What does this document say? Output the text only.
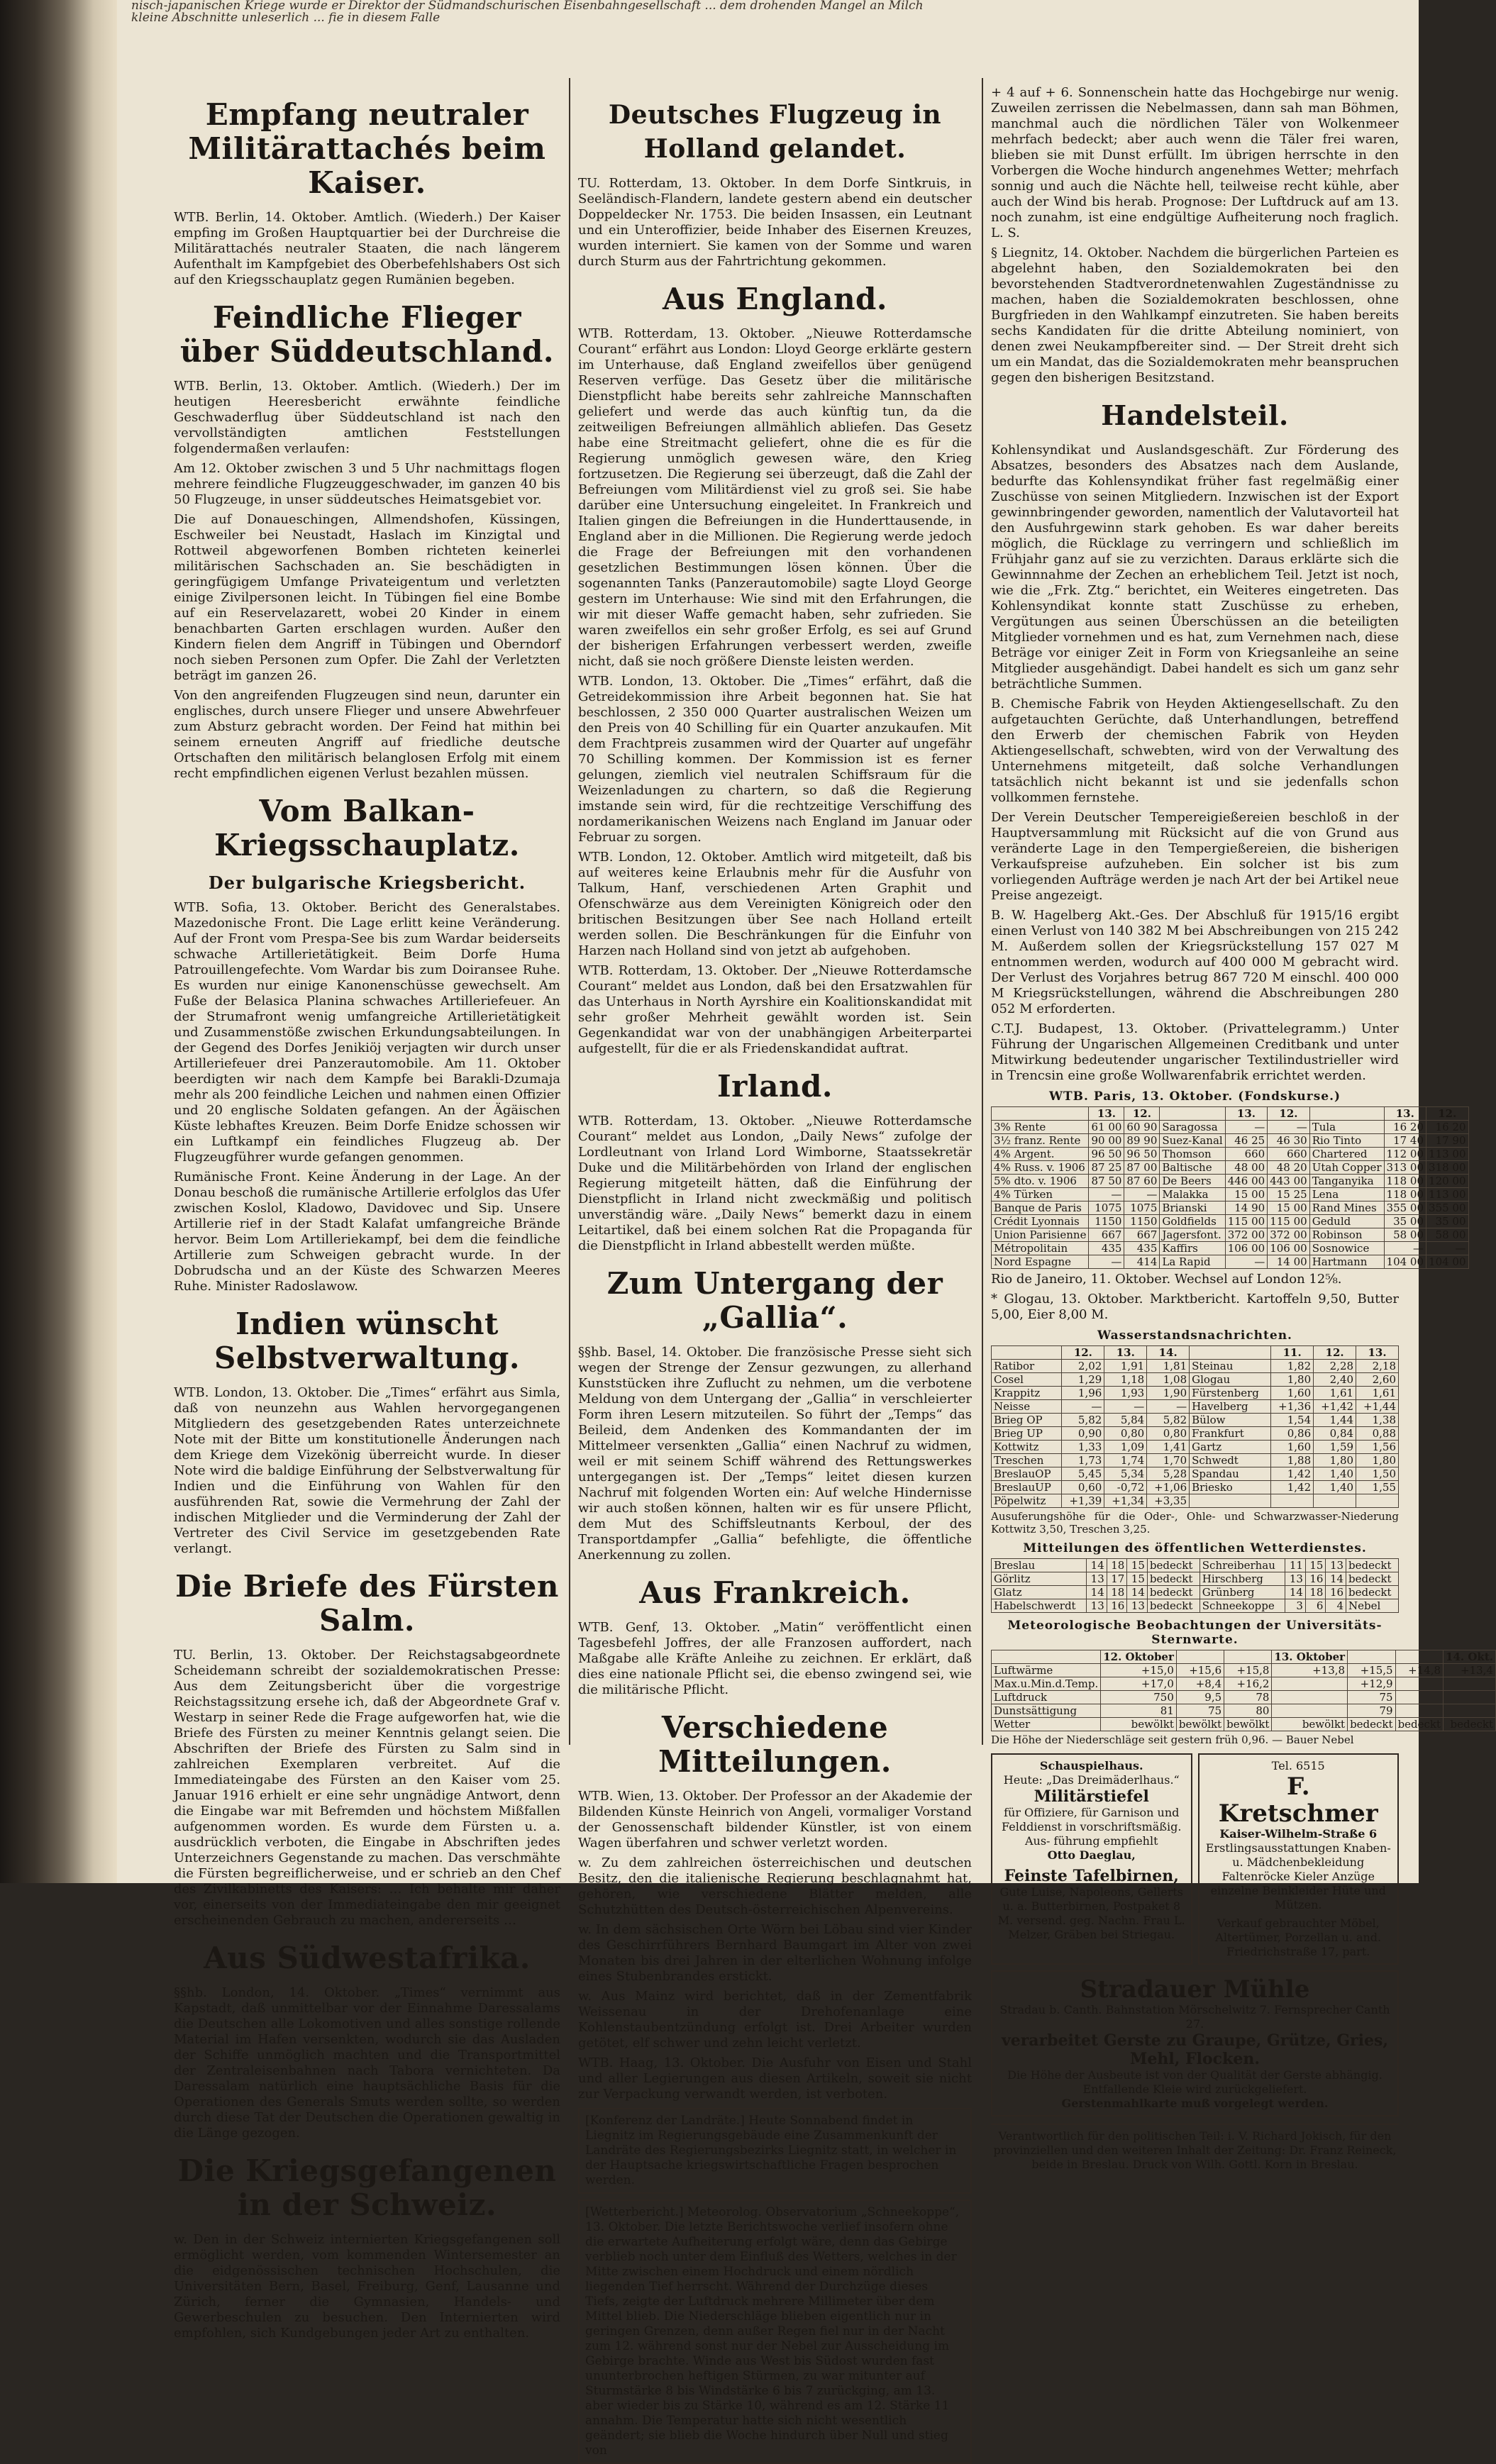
nisch-japanischen Kriege wurde er Direktor der Südmandschurischen Eisenbahngesellschaft ... dem drohenden Mangel an Milch
kleine Abschnitte unleserlich ... fie in diesem Falle
Empfang neutraler Militärattachés beim Kaiser.

WTB. Berlin, 14. Oktober. Amtlich. (Wiederh.) Der Kaiser empfing im Großen Hauptquartier bei der Durchreise die Militärattachés neutraler Staaten, die nach längerem Aufenthalt im Kampfgebiet des Oberbefehlshabers Ost sich auf den Kriegsschauplatz gegen Rumänien begeben.

Feindliche Flieger über Süddeutschland.

WTB. Berlin, 13. Oktober. Amtlich. (Wiederh.) Der im heutigen Heeresbericht erwähnte feindliche Geschwaderflug über Süddeutschland ist nach den vervollständigten amtlichen Feststellungen folgendermaßen verlaufen:

Am 12. Oktober zwischen 3 und 5 Uhr nachmittags flogen mehrere feindliche Flugzeuggeschwader, im ganzen 40 bis 50 Flugzeuge, in unser süddeutsches Heimatsgebiet vor.

Die auf Donaueschingen, Allmendshofen, Küssingen, Eschweiler bei Neustadt, Haslach im Kinzigtal und Rottweil abgeworfenen Bomben richteten keinerlei militärischen Sachschaden an. Sie beschädigten in geringfügigem Umfange Privateigentum und verletzten einige Zivilpersonen leicht. In Tübingen fiel eine Bombe auf ein Reservelazarett, wobei 20 Kinder in einem benachbarten Garten erschlagen wurden. Außer den Kindern fielen dem Angriff in Tübingen und Oberndorf noch sieben Personen zum Opfer. Die Zahl der Verletzten beträgt im ganzen 26.

Von den angreifenden Flugzeugen sind neun, darunter ein englisches, durch unsere Flieger und unsere Abwehrfeuer zum Absturz gebracht worden. Der Feind hat mithin bei seinem erneuten Angriff auf friedliche deutsche Ortschaften den militärisch belanglosen Erfolg mit einem recht empfindlichen eigenen Verlust bezahlen müssen.

Vom Balkan-Kriegsschauplatz.
Der bulgarische Kriegsbericht.

WTB. Sofia, 13. Oktober. Bericht des Generalstabes. Mazedonische Front. Die Lage erlitt keine Veränderung. Auf der Front vom Prespa-See bis zum Wardar beiderseits schwache Artillerietätigkeit. Beim Dorfe Huma Patrouillengefechte. Vom Wardar bis zum Doiransee Ruhe. Es wurden nur einige Kanonenschüsse gewechselt. Am Fuße der Belasica Planina schwaches Artilleriefeuer. An der Strumafront wenig umfangreiche Artillerietätigkeit und Zusammenstöße zwischen Erkundungsabteilungen. In der Gegend des Dorfes Jenikiöj verjagten wir durch unser Artilleriefeuer drei Panzerautomobile. Am 11. Oktober beerdigten wir nach dem Kampfe bei Barakli-Dzumaja mehr als 200 feindliche Leichen und nahmen einen Offizier und 20 englische Soldaten gefangen. An der Ägäischen Küste lebhaftes Kreuzen. Beim Dorfe Enidze schossen wir ein Luftkampf ein feindliches Flugzeug ab. Der Flugzeugführer wurde gefangen genommen.

Rumänische Front. Keine Änderung in der Lage. An der Donau beschoß die rumänische Artillerie erfolglos das Ufer zwischen Koslol, Kladowo, Davidovec und Sip. Unsere Artillerie rief in der Stadt Kalafat umfangreiche Brände hervor. Beim Lom Artilleriekampf, bei dem die feindliche Artillerie zum Schweigen gebracht wurde. In der Dobrudscha und an der Küste des Schwarzen Meeres Ruhe. Minister Radoslawow.

Indien wünscht Selbstverwaltung.

WTB. London, 13. Oktober. Die „Times“ erfährt aus Simla, daß von neunzehn aus Wahlen hervorgegangenen Mitgliedern des gesetzgebenden Rates unterzeichnete Note mit der Bitte um konstitutionelle Änderungen nach dem Kriege dem Vizekönig überreicht wurde. In dieser Note wird die baldige Einführung der Selbstverwaltung für Indien und die Einführung von Wahlen für den ausführenden Rat, sowie die Vermehrung der Zahl der indischen Mitglieder und die Verminderung der Zahl der Vertreter des Civil Service im gesetzgebenden Rate verlangt.

Die Briefe des Fürsten Salm.

TU. Berlin, 13. Oktober. Der Reichstagsabgeordnete Scheidemann schreibt der sozialdemokratischen Presse: Aus dem Zeitungsbericht über die vorgestrige Reichstagssitzung ersehe ich, daß der Abgeordnete Graf v. Westarp in seiner Rede die Frage aufgeworfen hat, wie die Briefe des Fürsten zu meiner Kenntnis gelangt seien. Die Abschriften der Briefe des Fürsten zu Salm sind in zahlreichen Exemplaren verbreitet. Auf die Immediateingabe des Fürsten an den Kaiser vom 25. Januar 1916 erhielt er eine sehr ungnädige Antwort, denn die Eingabe war mit Befremden und höchstem Mißfallen aufgenommen worden. Es wurde dem Fürsten u. a. ausdrücklich verboten, die Eingabe in Abschriften jedes Unterzeichners Gegenstande zu machen. Das verschmähte die Fürsten begreiflicherweise, und er schrieb an den Chef des Zivilkabinetts des Kaisers: … Ich behalte mir daher vor, einerseits von der Immediateingabe den mir geeignet erscheinenden Gebrauch zu machen, andererseits …

Aus Südwestafrika.

§§hb. London, 14. Oktober. „Times“ vernimmt aus Kapstadt, daß unmittelbar vor der Einnahme Daressalams die Deutschen alle Lokomotiven und alles sonstige rollende Material im Hafen versenkten, wodurch sie das Ausladen der Schiffe unmöglich machten und die Transportmittel der Zentraleisenbahnen nach Tabora vernichteten. Da Daressalam natürlich eine hauptsächliche Basis für die Operationen des Generals Smuts werden sollte, so werden durch diese Tat der Deutschen die Operationen gewaltig in die Länge gezogen.

Die Kriegsgefangenen in der Schweiz.

w. Den in der Schweiz internierten Kriegsgefangenen soll ermöglicht werden, vom kommenden Wintersemester an die eidgenössischen technischen Hochschulen, die Universitäten Bern, Basel, Freiburg, Genf, Lausanne und Zürich, ferner die Gymnasien, Handels- und Gewerbeschulen zu besuchen. Den Internierten wird empfohlen, sich Kundgebungen jeder Art zu enthalten.

Deutsches Flugzeug in Holland gelandet.

TU. Rotterdam, 13. Oktober. In dem Dorfe Sintkruis, in Seeländisch-Flandern, landete gestern abend ein deutscher Doppeldecker Nr. 1753. Die beiden Insassen, ein Leutnant und ein Unteroffizier, beide Inhaber des Eisernen Kreuzes, wurden interniert. Sie kamen von der Somme und waren durch Sturm aus der Fahrtrichtung gekommen.

Aus England.

WTB. Rotterdam, 13. Oktober. „Nieuwe Rotterdamsche Courant“ erfährt aus London: Lloyd George erklärte gestern im Unterhause, daß England zweifellos über genügend Reserven verfüge. Das Gesetz über die militärische Dienstpflicht habe bereits sehr zahlreiche Mannschaften geliefert und werde das auch künftig tun, da die zeitweiligen Befreiungen allmählich abliefen. Das Gesetz habe eine Streitmacht geliefert, ohne die es für die Regierung unmöglich gewesen wäre, den Krieg fortzusetzen. Die Regierung sei überzeugt, daß die Zahl der Befreiungen vom Militärdienst viel zu groß sei. Sie habe darüber eine Untersuchung eingeleitet. In Frankreich und Italien gingen die Befreiungen in die Hunderttausende, in England aber in die Millionen. Die Regierung werde jedoch die Frage der Befreiungen mit den vorhandenen gesetzlichen Bestimmungen lösen können. Über die sogenannten Tanks (Panzerautomobile) sagte Lloyd George gestern im Unterhause: Wie sind mit den Erfahrungen, die wir mit dieser Waffe gemacht haben, sehr zufrieden. Sie waren zweifellos ein sehr großer Erfolg, es sei auf Grund der bisherigen Erfahrungen verbessert werden, zweifle nicht, daß sie noch größere Dienste leisten werden.

WTB. London, 13. Oktober. Die „Times“ erfährt, daß die Getreidekommission ihre Arbeit begonnen hat. Sie hat beschlossen, 2 350 000 Quarter australischen Weizen um den Preis von 40 Schilling für ein Quarter anzukaufen. Mit dem Frachtpreis zusammen wird der Quarter auf ungefähr 70 Schilling kommen. Der Kommission ist es ferner gelungen, ziemlich viel neutralen Schiffsraum für die Weizenladungen zu chartern, so daß die Regierung imstande sein wird, für die rechtzeitige Verschiffung des nordamerikanischen Weizens nach England im Januar oder Februar zu sorgen.

WTB. London, 12. Oktober. Amtlich wird mitgeteilt, daß bis auf weiteres keine Erlaubnis mehr für die Ausfuhr von Talkum, Hanf, verschiedenen Arten Graphit und Ofenschwärze aus dem Vereinigten Königreich oder den britischen Besitzungen über See nach Holland erteilt werden sollen. Die Beschränkungen für die Einfuhr von Harzen nach Holland sind von jetzt ab aufgehoben.

WTB. Rotterdam, 13. Oktober. Der „Nieuwe Rotterdamsche Courant“ meldet aus London, daß bei den Ersatzwahlen für das Unterhaus in North Ayrshire ein Koalitionskandidat mit sehr großer Mehrheit gewählt worden ist. Sein Gegenkandidat war von der unabhängigen Arbeiterpartei aufgestellt, für die er als Friedenskandidat auftrat.

Irland.

WTB. Rotterdam, 13. Oktober. „Nieuwe Rotterdamsche Courant“ meldet aus London, „Daily News“ zufolge der Lordleutnant von Irland Lord Wimborne, Staatssekretär Duke und die Militärbehörden von Irland der englischen Regierung mitgeteilt hätten, daß die Einführung der Dienstpflicht in Irland nicht zweckmäßig und politisch unverständig wäre. „Daily News“ bemerkt dazu in einem Leitartikel, daß bei einem solchen Rat die Propaganda für die Dienstpflicht in Irland abbestellt werden müßte.

Zum Untergang der „Gallia“.

§§hb. Basel, 14. Oktober. Die französische Presse sieht sich wegen der Strenge der Zensur gezwungen, zu allerhand Kunststücken ihre Zuflucht zu nehmen, um die verbotene Meldung von dem Untergang der „Gallia“ in verschleierter Form ihren Lesern mitzuteilen. So führt der „Temps“ das Beileid, dem Andenken des Kommandanten der im Mittelmeer versenkten „Gallia“ einen Nachruf zu widmen, weil er mit seinem Schiff während des Rettungswerkes untergegangen ist. Der „Temps“ leitet diesen kurzen Nachruf mit folgenden Worten ein: Auf welche Hindernisse wir auch stoßen können, halten wir es für unsere Pflicht, dem Mut des Schiffsleutnants Kerboul, der des Transportdampfer „Gallia“ befehligte, die öffentliche Anerkennung zu zollen.

Aus Frankreich.

WTB. Genf, 13. Oktober. „Matin“ veröffentlicht einen Tagesbefehl Joffres, der alle Franzosen auffordert, nach Maßgabe alle Kräfte Anleihe zu zeichnen. Er erklärt, daß dies eine nationale Pflicht sei, die ebenso zwingend sei, wie die militärische Pflicht.

Verschiedene Mitteilungen.

WTB. Wien, 13. Oktober. Der Professor an der Akademie der Bildenden Künste Heinrich von Angeli, vormaliger Vorstand der Genossenschaft bildender Künstler, ist von einem Wagen überfahren und schwer verletzt worden.

w. Zu dem zahlreichen österreichischen und deutschen Besitz, den die italienische Regierung beschlagnahmt hat, gehören, wie verschiedene Blätter melden, alle Schutzhütten des Deutsch-österreichischen Alpenvereins.

w. In dem sächsischen Orte Wörn bei Löbau sind vier Kinder des Geschirrführers Bernhard Baumgart im Alter von zwei Monaten bis drei Jahren in der elterlichen Wohnung infolge eines Stubenbrandes erstickt.

w. Aus Mainz wird berichtet, daß in der Zementfabrik Weissenau in der Drehofenanlage eine Kohlenstaubentzündung erfolgt ist. Drei Arbeiter wurden getötet, elf schwer und zehn leicht verletzt.

WTB. Haag, 13. Oktober. Die Ausfuhr von Eisen und Stahl und aller Legierungen aus diesen Artikeln, soweit sie nicht zur Verpackung verwandt werden, ist verboten.

[Konferenz der Landräte.] Heute Sonnabend findet in Liegnitz im Regierungsgebäude eine Zusammenkunft der Landräte des Regierungsbezirks Liegnitz statt, in welcher in der Hauptsache kriegswirtschaftliche Fragen besprochen werden.
[Wetterbericht.] Meteorolog. Observatorium „Schneekoppe“, 13. Oktober. Die letzte Berichtswoche verlief insofern ohne die erwartete Aufheiterung erfolgt wäre, denn das Gebirge verblieb noch unter dem Einfluß des Wetters, welches in der Mitte zwischen einem Hochdruck und einem nördlich liegenden Tief herrscht. Während der Durchzüge dieses Tiefs, zeigte der Luftdruck mehrere Millimeter über dem Mittel blieb. Die Niederschläge blieben eigentlich nur in geringen Grenzen, denn außer Regen fiel nur in der Nacht zum 12. während sonst nur der Nebel zur Ausscheidung im Gebirge brachte. Winde aus West bis Südost wurden fast ununterbrochen heftigen Stürmen, zu war mitunter auf Sturmstärke 8 bis Windstärke 6 bis 7 zurückging, am 13. aber wieder bis zu Stärke 10, während es am 12. Stärke 11 annahm. Die Temperatur hatte sich nicht wesentlich geändert; sie blieb die Woche hindurch über Null und stieg von

+ 4 auf + 6. Sonnenschein hatte das Hochgebirge nur wenig. Zuweilen zerrissen die Nebelmassen, dann sah man Böhmen, manchmal auch die nördlichen Täler von Wolkenmeer mehrfach bedeckt; aber auch wenn die Täler frei waren, blieben sie mit Dunst erfüllt. Im übrigen herrschte in den Vorbergen die Woche hindurch angenehmes Wetter; mehrfach sonnig und auch die Nächte hell, teilweise recht kühle, aber auch der Wind bis herab. Prognose: Der Luftdruck auf am 13. noch zunahm, ist eine endgültige Aufheiterung noch fraglich. L. S.

§ Liegnitz, 14. Oktober. Nachdem die bürgerlichen Parteien es abgelehnt haben, den Sozialdemokraten bei den bevorstehenden Stadtverordnetenwahlen Zugeständnisse zu machen, haben die Sozialdemokraten beschlossen, ohne Burgfrieden in den Wahlkampf einzutreten. Sie haben bereits sechs Kandidaten für die dritte Abteilung nominiert, von denen zwei Neukampfbereiter sind. — Der Streit dreht sich um ein Mandat, das die Sozialdemokraten mehr beanspruchen gegen den bisherigen Besitzstand.

Handelsteil.

Kohlensyndikat und Auslandsgeschäft. Zur Förderung des Absatzes, besonders des Absatzes nach dem Auslande, bedurfte das Kohlensyndikat früher fast regelmäßig einer Zuschüsse von seinen Mitgliedern. Inzwischen ist der Export gewinnbringender geworden, namentlich der Valutavorteil hat den Ausfuhrgewinn stark gehoben. Es war daher bereits möglich, die Rücklage zu verringern und schließlich im Frühjahr ganz auf sie zu verzichten. Daraus erklärte sich die Gewinnnahme der Zechen an erheblichem Teil. Jetzt ist noch, wie die „Frk. Ztg.“ berichtet, ein Weiteres eingetreten. Das Kohlensyndikat konnte statt Zuschüsse zu erheben, Vergütungen aus seinen Überschüssen an die beteiligten Mitglieder vornehmen und es hat, zum Vernehmen nach, diese Beträge vor einiger Zeit in Form von Kriegsanleihe an seine Mitglieder ausgehändigt. Dabei handelt es sich um ganz sehr beträchtliche Summen.

B. Chemische Fabrik von Heyden Aktiengesellschaft. Zu den aufgetauchten Gerüchte, daß Unterhandlungen, betreffend den Erwerb der chemischen Fabrik von Heyden Aktiengesellschaft, schwebten, wird von der Verwaltung des Unternehmens mitgeteilt, daß solche Verhandlungen tatsächlich nicht bekannt ist und sie jedenfalls schon vollkommen fernstehe.

Der Verein Deutscher Tempereigießereien beschloß in der Hauptversammlung mit Rücksicht auf die von Grund aus veränderte Lage in den Tempergießereien, die bisherigen Verkaufspreise aufzuheben. Ein solcher ist bis zum vorliegenden Aufträge werden je nach Art der bei Artikel neue Preise angezeigt.

B. W. Hagelberg Akt.-Ges. Der Abschluß für 1915/16 ergibt einen Verlust von 140 382 M bei Abschreibungen von 215 242 M. Außerdem sollen der Kriegsrückstellung 157 027 M entnommen werden, wodurch auf 400 000 M gebracht wird. Der Verlust des Vorjahres betrug 867 720 M einschl. 400 000 M Kriegsrückstellungen, während die Abschreibungen 280 052 M erforderten.

C.T.J. Budapest, 13. Oktober. (Privattelegramm.) Unter Führung der Ungarischen Allgemeinen Creditbank und unter Mitwirkung bedeutender ungarischer Textilindustrieller wird in Trencsin eine große Wollwarenfabrik errichtet werden.

WTB. Paris, 13. Oktober. (Fondskurse.)
	13.	12.		13.	12.		13.	12.
3% Rente	61 00	60 90	Saragossa	—	—	Tula	16 20	16 20
3½ franz. Rente	90 00	89 90	Suez-Kanal	46 25	46 30	Rio Tinto	17 40	17 90
4% Argent.	96 50	96 50	Thomson	660	660	Chartered	112 00	113 00
4% Russ. v. 1906	87 25	87 00	Baltische	48 00	48 20	Utah Copper	313 00	318 00
5% dto. v. 1906	87 50	87 60	De Beers	446 00	443 00	Tanganyika	118 00	120 00
4% Türken	—	—	Malakka	15 00	15 25	Lena	118 00	113 00
Banque de Paris	1075	1075	Brianski	14 90	15 00	Rand Mines	355 00	355 00
Crédit Lyonnais	1150	1150	Goldfields	115 00	115 00	Geduld	35 00	35 00
Union Parisienne	667	667	Jagersfont.	372 00	372 00	Robinson	58 00	58 00
Métropolitain	435	435	Kaffirs	106 00	106 00	Sosnowice	—	—
Nord Espagne	—	414	La Rapid	—	14 00	Hartmann	104 00	104 00

Rio de Janeiro, 11. Oktober. Wechsel auf London 12⅝.

* Glogau, 13. Oktober. Marktbericht. Kartoffeln 9,50, Butter 5,00, Eier 8,00 M.

Wasserstandsnachrichten.
	12.	13.	14.		11.	12.	13.
Ratibor	2,02	1,91	1,81	Steinau	1,82	2,28	2,18
Cosel	1,29	1,18	1,08	Glogau	1,80	2,40	2,60
Krappitz	1,96	1,93	1,90	Fürstenberg	1,60	1,61	1,61
Neisse	—	—	—	Havelberg	+1,36	+1,42	+1,44
Brieg OP	5,82	5,84	5,82	Bülow	1,54	1,44	1,38
Brieg UP	0,90	0,80	0,80	Frankfurt	0,86	0,84	0,88
Kottwitz	1,33	1,09	1,41	Gartz	1,60	1,59	1,56
Treschen	1,73	1,74	1,70	Schwedt	1,88	1,80	1,80
BreslauOP	5,45	5,34	5,28	Spandau	1,42	1,40	1,50
BreslauUP	0,60	-0,72	+1,06	Briesko	1,42	1,40	1,55
Pöpelwitz	+1,39	+1,34	+3,35				

Ausuferungshöhe für die Oder-, Ohle- und Schwarzwasser-Niederung Kottwitz 3,50, Treschen 3,25.

Mitteilungen des öffentlichen Wetterdienstes.
Breslau	14	18	15	bedeckt	Schreiberhau	11	15	13	bedeckt
Görlitz	13	17	15	bedeckt	Hirschberg	13	16	14	bedeckt
Glatz	14	18	14	bedeckt	Grünberg	14	18	16	bedeckt
Habelschwerdt	13	16	13	bedeckt	Schneekoppe	3	6	4	Nebel
Meteorologische Beobachtungen der Universitäts-Sternwarte.
	12. Oktober			13. Oktober			14. Okt.
Luftwärme	+15,0	+15,6	+15,8	+13,8	+15,5	+14,8	+13,4
Max.u.Min.d.Temp.	+17,0	+8,4	+16,2		+12,9		
Luftdruck	750	9,5	78		75		
Dunstsättigung	81	75	80		79		
Wetter	bewölkt	bewölkt	bewölkt	bewölkt	bedeckt	bedeckt	bedeckt

Die Höhe der Niederschläge seit gestern früh 0,96. — Bauer Nebel

Schauspielhaus.
Heute: „Das Dreimäderlhaus.“
Militärstiefel
für Offiziere, für Garnison und Felddienst in vorschriftsmäßig. Aus- führung empfiehlt
Otto Daeglau,
Feinste Tafelbirnen,
Gute Luise, Napoleons, Gellerts u. a. Butterbirnen, Postpaket 8 M. versend. geg. Nachn. Frau L. Melzer, Gräben bei Striegau.
Tel. 6515
F. Kretschmer
Kaiser-Wilhelm-Straße 6
Erstlingsausstattungen Knaben- u. Mädchenbekleidung Faltenröcke Kieler Anzüge einzelne Beinkleider Hüte und Mützen.
Verkauf gebrauchter Möbel, Altertümer, Porzellan u. and. Friedrichstraße 17, part.
Stradauer Mühle
Stradau b. Canth. Bahnstation Mörschelwitz 7. Fernsprecher Canth 27.
verarbeitet Gerste zu Graupe, Grütze, Gries, Mehl, Flocken.
Die Höhe der Ausbeute ist von der Qualität der Gerste abhängig. Entfallende Kleie wird zurückgeliefert.
Gerstenmahlkarte muß vorgelegt werden.
Verantwortlich für den politischen Teil: i. V. Richard Jokisch, für den provinziellen und den weiteren Inhalt der Zeitung: Dr. Franz Reineck, beide in Breslau. Druck von Wilh. Gottl. Korn in Breslau.
